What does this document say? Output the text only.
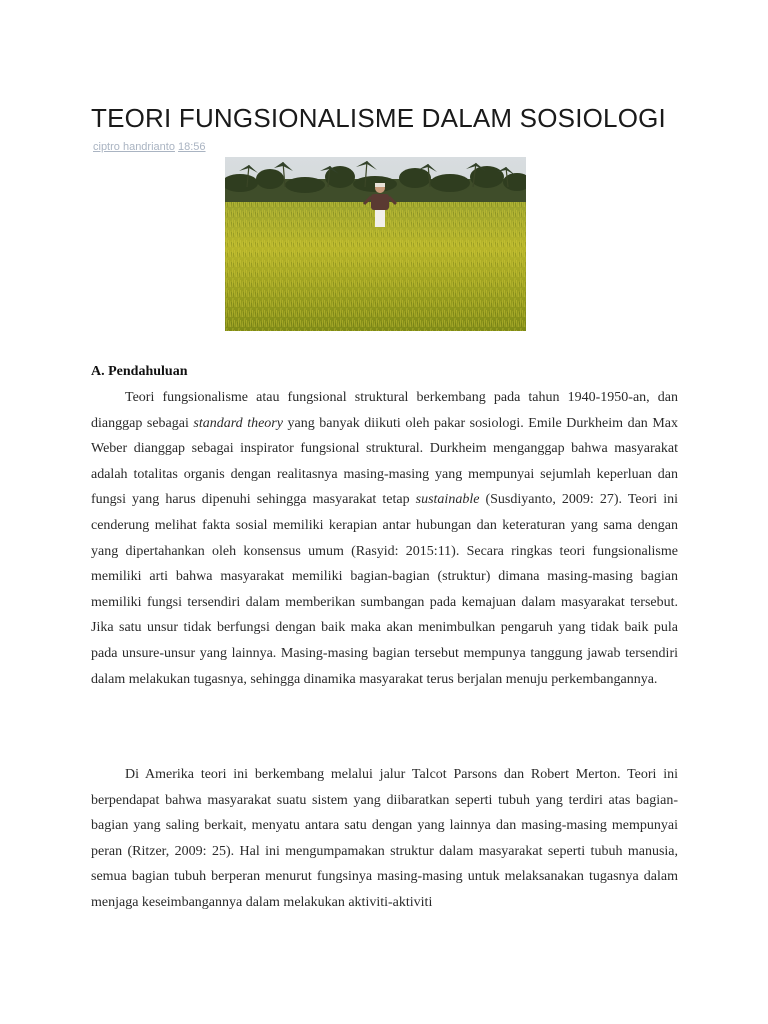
TEORI FUNGSIONALISME DALAM SOSIOLOGI
ciptro handrianto 18:56
A. Pendahuluan

Teori fungsionalisme atau fungsional struktural berkembang pada tahun 1940-1950-an, dan dianggap sebagai standard theory yang banyak diikuti oleh pakar sosiologi. Emile Durkheim dan Max Weber dianggap sebagai inspirator fungsional struktural. Durkheim menganggap bahwa masyarakat adalah totalitas organis dengan realitasnya masing-masing yang mempunyai sejumlah keperluan dan fungsi yang harus dipenuhi sehingga masyarakat tetap sustainable (Susdiyanto, 2009: 27). Teori ini cenderung melihat fakta sosial memiliki kerapian antar hubungan dan keteraturan yang sama dengan yang dipertahankan oleh konsensus umum (Rasyid: 2015:11). Secara ringkas teori fungsionalisme memiliki arti bahwa masyarakat memiliki bagian-bagian (struktur) dimana masing-masing bagian memiliki fungsi tersendiri dalam memberikan sumbangan pada kemajuan dalam masyarakat tersebut. Jika satu unsur tidak berfungsi dengan baik maka akan menimbulkan pengaruh yang tidak baik pula pada unsure-unsur yang lainnya. Masing-masing bagian tersebut mempunya tanggung jawab tersendiri dalam melakukan tugasnya, sehingga dinamika masyarakat terus berjalan menuju perkembangannya.

Di Amerika teori ini berkembang melalui jalur Talcot Parsons dan Robert Merton. Teori ini berpendapat bahwa masyarakat suatu sistem yang diibaratkan seperti tubuh yang terdiri atas bagian-bagian yang saling berkait, menyatu antara satu dengan yang lainnya dan masing-masing mempunyai peran (Ritzer, 2009: 25). Hal ini mengumpamakan struktur dalam masyarakat seperti tubuh manusia, semua bagian tubuh berperan menurut fungsinya masing-masing untuk melaksanakan tugasnya dalam menjaga keseimbangannya dalam melakukan aktiviti-aktiviti
